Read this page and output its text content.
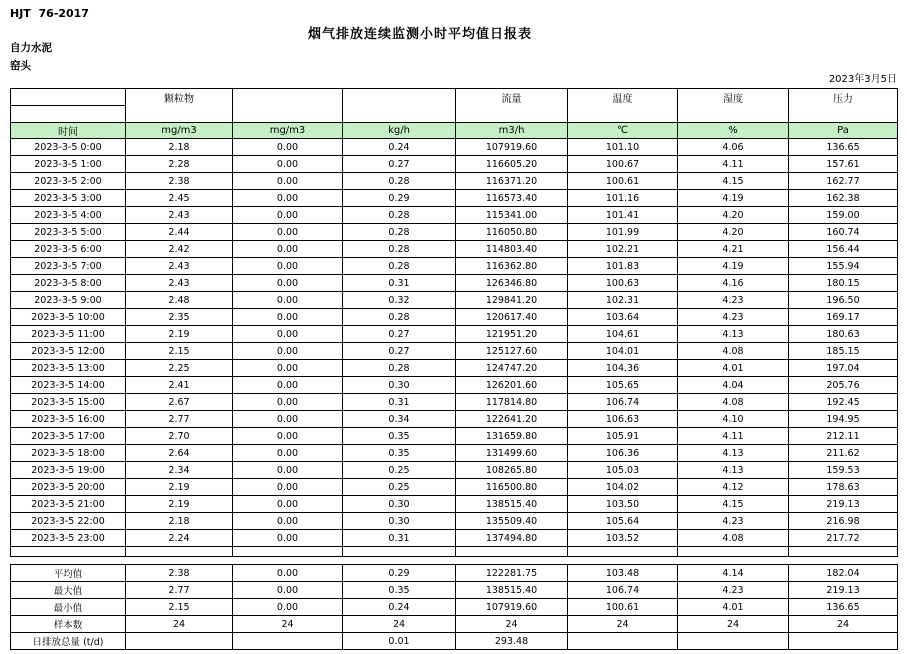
HJT  76-2017
烟气排放连续监测小时平均值日报表
自力水泥
窑头
2023年3月5日
	颗粒物			流量	温度	湿度	压力

时间	mg/m3	mg/m3	kg/h	m3/h	℃	%	Pa
2023-3-5 0:00	2.18	0.00	0.24	107919.60	101.10	4.06	136.65
2023-3-5 1:00	2.28	0.00	0.27	116605.20	100.67	4.11	157.61
2023-3-5 2:00	2.38	0.00	0.28	116371.20	100.61	4.15	162.77
2023-3-5 3:00	2.45	0.00	0.29	116573.40	101.16	4.19	162.38
2023-3-5 4:00	2.43	0.00	0.28	115341.00	101.41	4.20	159.00
2023-3-5 5:00	2.44	0.00	0.28	116050.80	101.99	4.20	160.74
2023-3-5 6:00	2.42	0.00	0.28	114803.40	102.21	4.21	156.44
2023-3-5 7:00	2.43	0.00	0.28	116362.80	101.83	4.19	155.94
2023-3-5 8:00	2.43	0.00	0.31	126346.80	100.63	4.16	180.15
2023-3-5 9:00	2.48	0.00	0.32	129841.20	102.31	4.23	196.50
2023-3-5 10:00	2.35	0.00	0.28	120617.40	103.64	4.23	169.17
2023-3-5 11:00	2.19	0.00	0.27	121951.20	104.61	4.13	180.63
2023-3-5 12:00	2.15	0.00	0.27	125127.60	104.01	4.08	185.15
2023-3-5 13:00	2.25	0.00	0.28	124747.20	104.36	4.01	197.04
2023-3-5 14:00	2.41	0.00	0.30	126201.60	105.65	4.04	205.76
2023-3-5 15:00	2.67	0.00	0.31	117814.80	106.74	4.08	192.45
2023-3-5 16:00	2.77	0.00	0.34	122641.20	106.63	4.10	194.95
2023-3-5 17:00	2.70	0.00	0.35	131659.80	105.91	4.11	212.11
2023-3-5 18:00	2.64	0.00	0.35	131499.60	106.36	4.13	211.62
2023-3-5 19:00	2.34	0.00	0.25	108265.80	105.03	4.13	159.53
2023-3-5 20:00	2.19	0.00	0.25	116500.80	104.02	4.12	178.63
2023-3-5 21:00	2.19	0.00	0.30	138515.40	103.50	4.15	219.13
2023-3-5 22:00	2.18	0.00	0.30	135509.40	105.64	4.23	216.98
2023-3-5 23:00	2.24	0.00	0.31	137494.80	103.52	4.08	217.72

平均值	2.38	0.00	0.29	122281.75	103.48	4.14	182.04
最大值	2.77	0.00	0.35	138515.40	106.74	4.23	219.13
最小值	2.15	0.00	0.24	107919.60	100.61	4.01	136.65
样本数	24	24	24	24	24	24	24
日排放总量 (t/d)			0.01	293.48			
